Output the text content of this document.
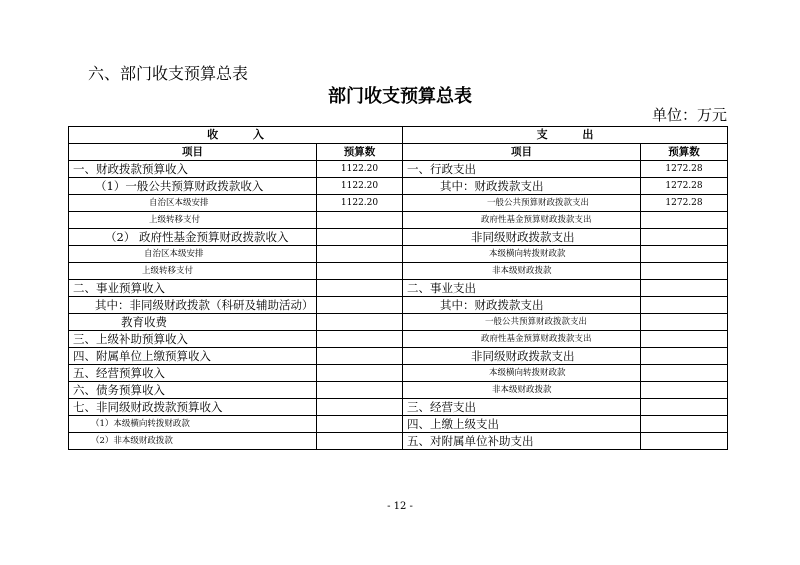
六、部门收支预算总表
部门收支预算总表
单位：万元
收 入		支 出	
项目	预算数	项目	预算数
一、财政拨款预算收入	1122.20	一、行政支出	1272.28
（1）一般公共预算财政拨款收入	1122.20	其中：财政拨款支出	1272.28
自治区本级安排	1122.20	一般公共预算财政拨款支出	1272.28
上级转移支付		政府性基金预算财政拨款支出	
（2） 政府性基金预算财政拨款收入		非同级财政拨款支出	
自治区本级安排		本级横向转拨财政款	
上级转移支付		非本级财政拨款	
二、事业预算收入		二、事业支出	
其中：非同级财政拨款（科研及辅助活动）		其中：财政拨款支出	
教育收费		一般公共预算财政拨款支出	
三、上级补助预算收入		政府性基金预算财政拨款支出	
四、附属单位上缴预算收入		非同级财政拨款支出	
五、经营预算收入		本级横向转拨财政款	
六、债务预算收入		非本级财政拨款	
七、非同级财政拨款预算收入		三、经营支出	
（1）本级横向转拨财政款		四、上缴上级支出	
（2）非本级财政拨款		五、对附属单位补助支出	
- 12 -
